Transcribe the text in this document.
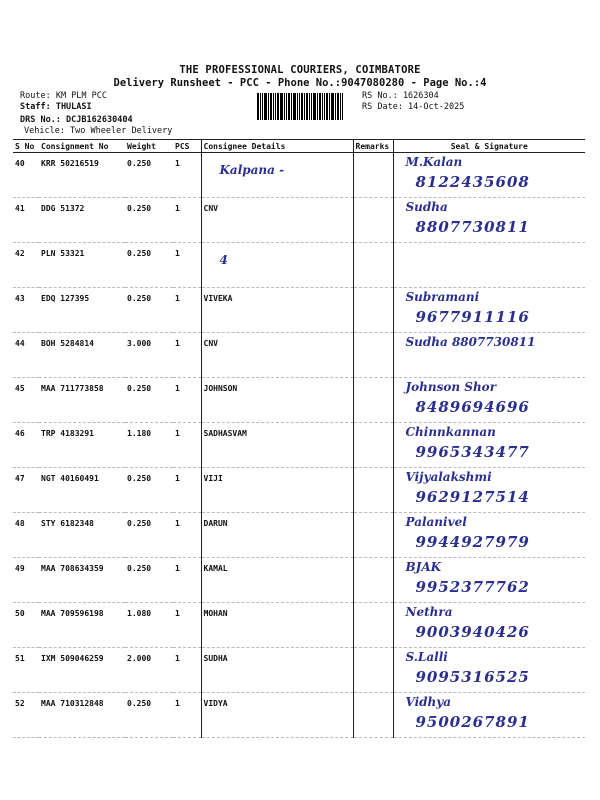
THE PROFESSIONAL COURIERS, COIMBATORE
Delivery Runsheet - PCC - Phone No.:9047080280 - Page No.:4
Route: KM PLM PCC
Staff: THULASI
DRS No.: DCJB162630404
Vehicle: Two Wheeler Delivery
RS No.: 1626304
RS Date: 14-Oct-2025
S No	Consignment No	Weight	PCS	Consignee Details	Remarks	Seal & Signature
40	KRR 50216519	0.250	1	Kalpana -		M.Kalan
8122435608

41	DDG 51372	0.250	1	CNV		Sudha
8807730811

42	PLN 53321	0.250	1	4		

43	EDQ 127395	0.250	1	VIVEKA		Subramani
9677911116

44	BOH 5284814	3.000	1	CNV		Sudha 8807730811

45	MAA 711773858	0.250	1	JOHNSON		Johnson Shor
8489694696

46	TRP 4183291	1.180	1	SADHASVAM		Chinnkannan
9965343477

47	NGT 40160491	0.250	1	VIJI		Vijyalakshmi
9629127514

48	STY 6182348	0.250	1	DARUN		Palanivel
9944927979

49	MAA 708634359	0.250	1	KAMAL		BJAK
9952377762

50	MAA 709596198	1.080	1	MOHAN		Nethra
9003940426

51	IXM 509046259	2.000	1	SUDHA		S.Lalli
9095316525

52	MAA 710312848	0.250	1	VIDYA		Vidhya
9500267891
